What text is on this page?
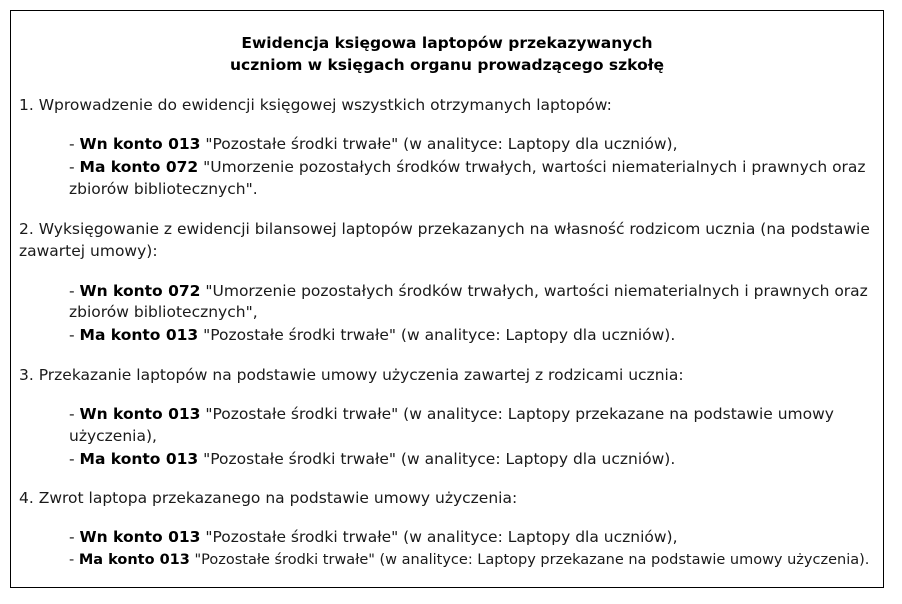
Ewidencja księgowa laptopów przekazywanych
uczniom w księgach organu prowadzącego szkołę
1. Wprowadzenie do ewidencji księgowej wszystkich otrzymanych laptopów:
- Wn konto 013 "Pozostałe środki trwałe" (w analityce: Laptopy dla uczniów),
- Ma konto 072 "Umorzenie pozostałych środków trwałych, wartości niematerialnych i prawnych oraz
zbiorów bibliotecznych".
2. Wyksięgowanie z ewidencji bilansowej laptopów przekazanych na własność rodzicom ucznia (na podstawie
zawartej umowy):
- Wn konto 072 "Umorzenie pozostałych środków trwałych, wartości niematerialnych i prawnych oraz
zbiorów bibliotecznych",
- Ma konto 013 "Pozostałe środki trwałe" (w analityce: Laptopy dla uczniów).
3. Przekazanie laptopów na podstawie umowy użyczenia zawartej z rodzicami ucznia:
- Wn konto 013 "Pozostałe środki trwałe" (w analityce: Laptopy przekazane na podstawie umowy
użyczenia),
- Ma konto 013 "Pozostałe środki trwałe" (w analityce: Laptopy dla uczniów).
4. Zwrot laptopa przekazanego na podstawie umowy użyczenia:
- Wn konto 013 "Pozostałe środki trwałe" (w analityce: Laptopy dla uczniów),
- Ma konto 013 "Pozostałe środki trwałe" (w analityce: Laptopy przekazane na podstawie umowy użyczenia).
